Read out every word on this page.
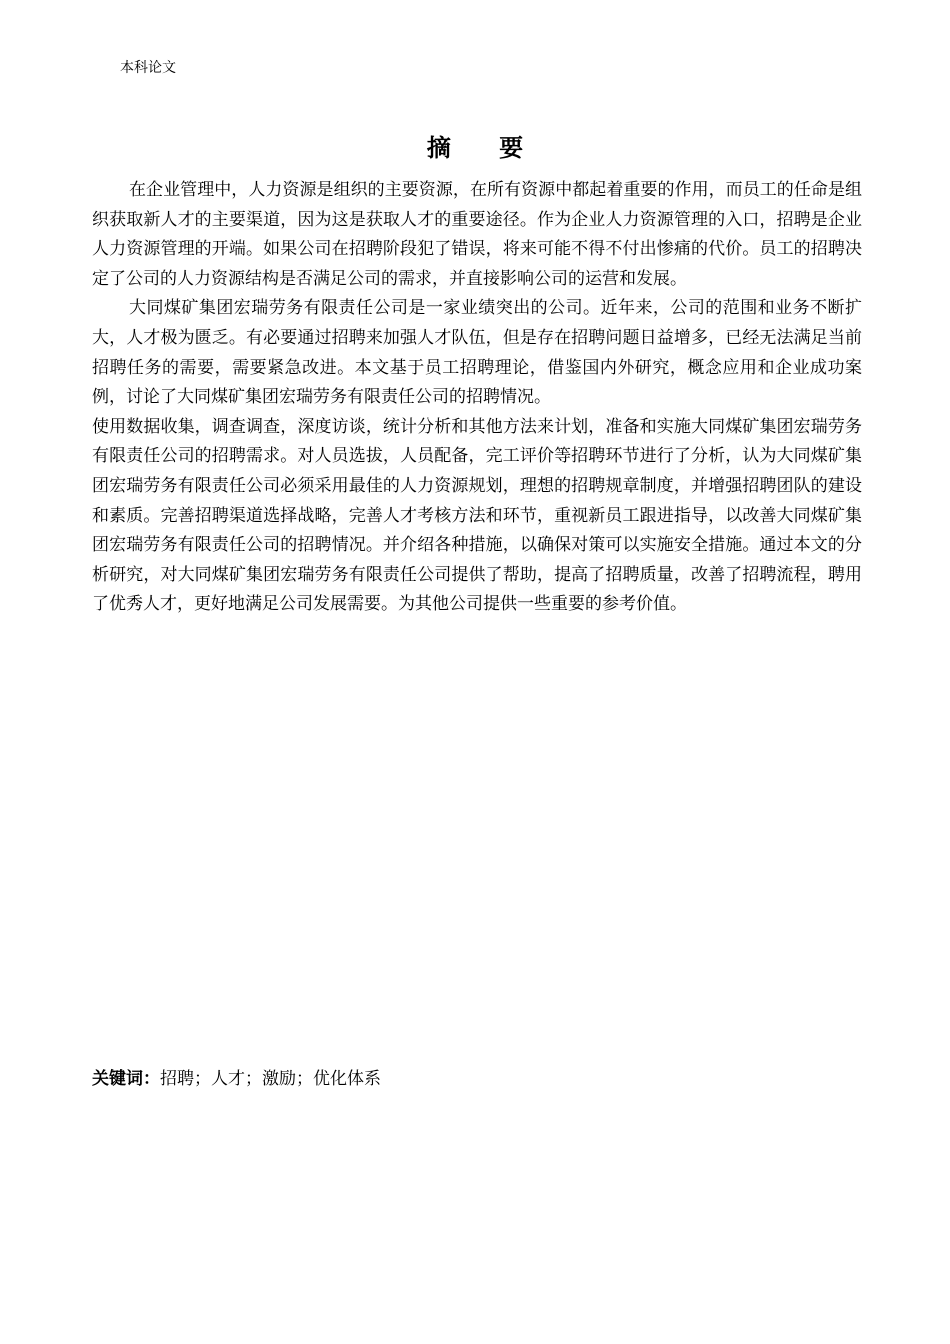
本科论文
摘 要

在企业管理中，人力资源是组织的主要资源，在所有资源中都起着重要的作用，而员工的任命是组织获取新人才的主要渠道，因为这是获取人才的重要途径。作为企业人力资源管理的入口，招聘是企业人力资源管理的开端。如果公司在招聘阶段犯了错误，将来可能不得不付出惨痛的代价。员工的招聘决定了公司的人力资源结构是否满足公司的需求，并直接影响公司的运营和发展。

大同煤矿集团宏瑞劳务有限责任公司是一家业绩突出的公司。近年来，公司的范围和业务不断扩大，人才极为匮乏。有必要通过招聘来加强人才队伍，但是存在招聘问题日益增多，已经无法满足当前招聘任务的需要，需要紧急改进。本文基于员工招聘理论，借鉴国内外研究，概念应用和企业成功案例，讨论了大同煤矿集团宏瑞劳务有限责任公司的招聘情况。

使用数据收集，调查调查，深度访谈，统计分析和其他方法来计划，准备和实施大同煤矿集团宏瑞劳务有限责任公司的招聘需求。对人员选拔，人员配备，完工评价等招聘环节进行了分析，认为大同煤矿集团宏瑞劳务有限责任公司必须采用最佳的人力资源规划，理想的招聘规章制度，并增强招聘团队的建设和素质。完善招聘渠道选择战略，完善人才考核方法和环节，重视新员工跟进指导，以改善大同煤矿集团宏瑞劳务有限责任公司的招聘情况。并介绍各种措施，以确保对策可以实施安全措施。通过本文的分析研究，对大同煤矿集团宏瑞劳务有限责任公司提供了帮助，提高了招聘质量，改善了招聘流程，聘用了优秀人才，更好地满足公司发展需要。为其他公司提供一些重要的参考价值。

关键词：招聘；人才；激励；优化体系
